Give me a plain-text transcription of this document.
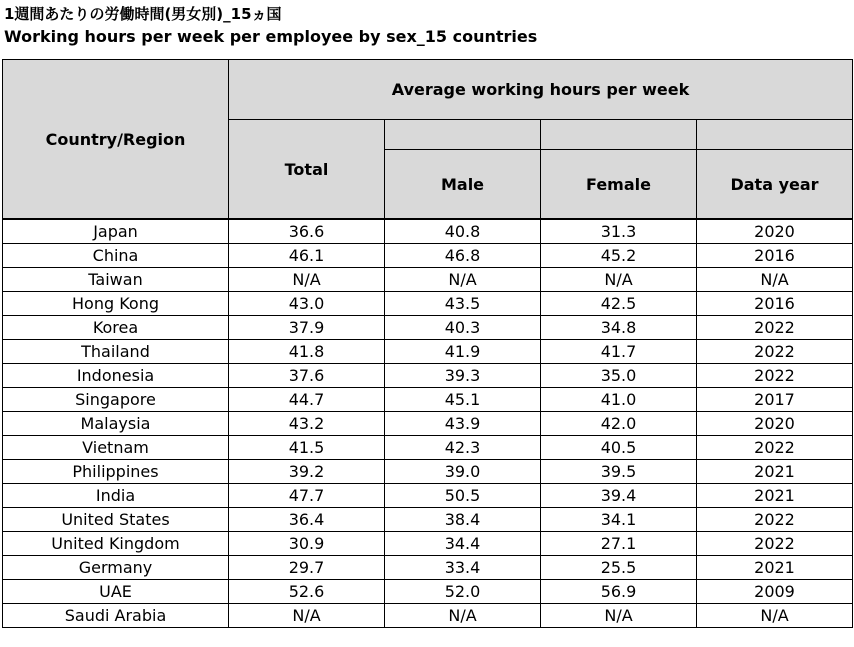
1週間あたりの労働時間(男女別)_15ヵ国
Working hours per week per employee by sex_15 countries
Country/Region	Average working hours per week			
	Total			
		Male	Female	Data year
Japan	36.6	40.8	31.3	2020
China	46.1	46.8	45.2	2016
Taiwan	N/A	N/A	N/A	N/A
Hong Kong	43.0	43.5	42.5	2016
Korea	37.9	40.3	34.8	2022
Thailand	41.8	41.9	41.7	2022
Indonesia	37.6	39.3	35.0	2022
Singapore	44.7	45.1	41.0	2017
Malaysia	43.2	43.9	42.0	2020
Vietnam	41.5	42.3	40.5	2022
Philippines	39.2	39.0	39.5	2021
India	47.7	50.5	39.4	2021
United States	36.4	38.4	34.1	2022
United Kingdom	30.9	34.4	27.1	2022
Germany	29.7	33.4	25.5	2021
UAE	52.6	52.0	56.9	2009
Saudi Arabia	N/A	N/A	N/A	N/A
